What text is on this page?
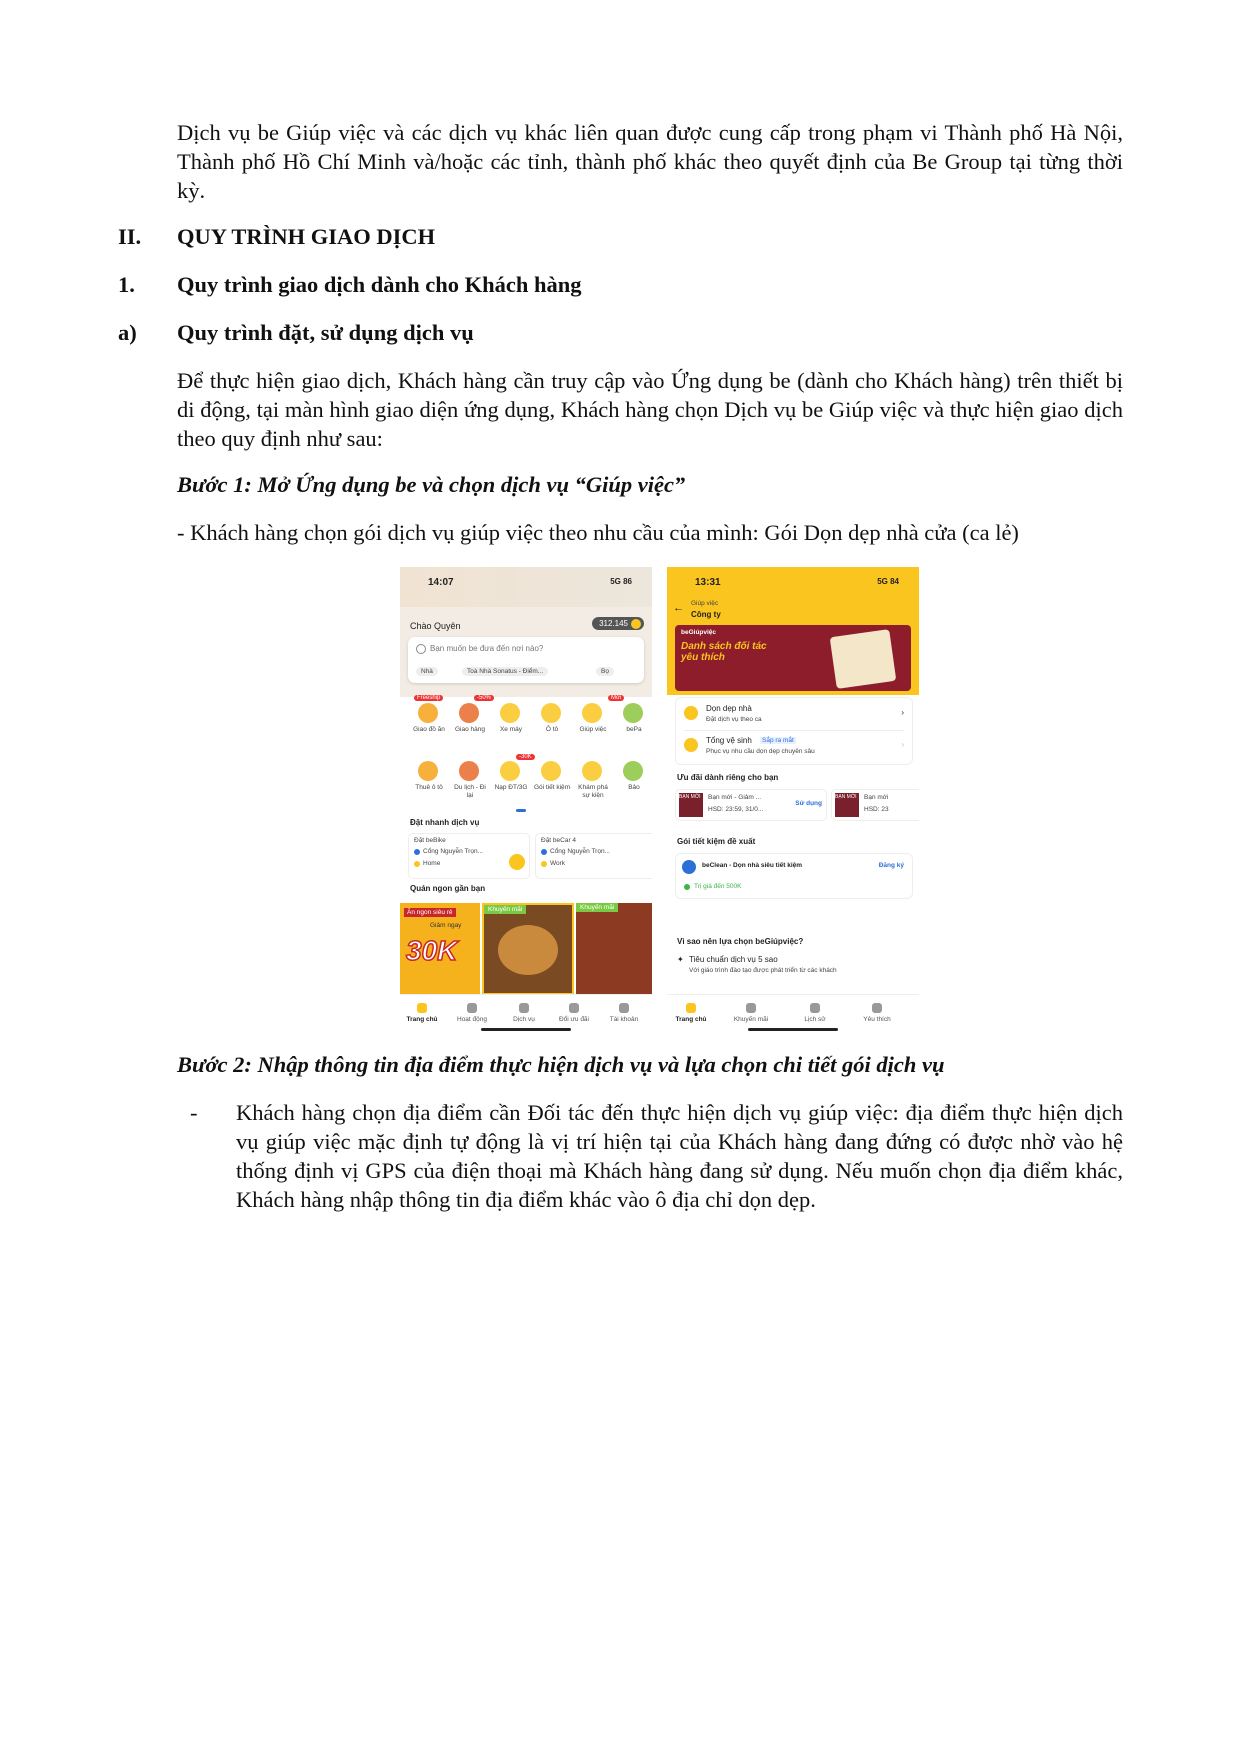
Dịch vụ be Giúp việc và các dịch vụ khác liên quan được cung cấp trong phạm vi Thành phố Hà Nội, Thành phố Hồ Chí Minh và/hoặc các tỉnh, thành phố khác theo quyết định của Be Group tại từng thời kỳ.
II. QUY TRÌNH GIAO DỊCH
1. Quy trình giao dịch dành cho Khách hàng
a) Quy trình đặt, sử dụng dịch vụ
Để thực hiện giao dịch, Khách hàng cần truy cập vào Ứng dụng be (dành cho Khách hàng) trên thiết bị di động, tại màn hình giao diện ứng dụng, Khách hàng chọn Dịch vụ be Giúp việc và thực hiện giao dịch theo quy định như sau:
Bước 1: Mở Ứng dụng be và chọn dịch vụ “Giúp việc”
- Khách hàng chọn gói dịch vụ giúp việc theo nhu cầu của mình: Gói Dọn dẹp nhà cửa (ca lẻ)
14:07	5G 86
Chào Quyên	312.145
Bạn muốn be đưa đến nơi nào?
Nhà	Toà Nhà Sonatus - Điểm...	Bọ
Freeship	-50%	Mới
-30K
Đặt nhanh dịch vụ
Đặt beBike
Cổng Nguyễn Trọn...
Home
Đặt beCar 4
Cổng Nguyễn Trọn...
Work
Quán ngon gần bạn
Ăn ngon siêu rẻ
Giảm ngay
30K
Khuyến mãi	Khuyến mãi
Trang chủ	Hoạt động	Dịch vụ	Đổi ưu đãi	Tài khoản
Giao đồ ăn	Giao hàng	Xe máy	Ô tô	Giúp việc	bePa
Thuê ô tô	Du lịch - Đi lại
Nạp ĐT/3G	Gói tiết kiệm	Khám phá sự kiện
Bảo
13:31	5G 84
← Giúp việc
Công ty
beGiúpviệc
Danh sách đối tác yêu thích
Dọn dẹp nhà
Đặt dịch vụ theo ca
›
Tổng vệ sinh	Sắp ra mắt
Phục vụ nhu cầu dọn dẹp chuyên sâu
›
Ưu đãi dành riêng cho bạn
BẠN MỚI Bạn mới - Giảm ...
HSD: 23:59, 31/0...
Sử dụng
BẠN MỚI Bạn mới
HSD: 23
Gói tiết kiệm đề xuất
beClean - Dọn nhà siêu tiết kiệm	Đăng ký
Trị giá đến 500K
Vì sao nên lựa chọn beGiúpviệc?
✦ Tiêu chuẩn dịch vụ 5 sao
Với giáo trình đào tạo được phát triển từ các khách
Trang chủ	Khuyến mãi	Lịch sử	Yêu thích
Bước 2: Nhập thông tin địa điểm thực hiện dịch vụ và lựa chọn chi tiết gói dịch vụ
- Khách hàng chọn địa điểm cần Đối tác đến thực hiện dịch vụ giúp việc: địa điểm thực hiện dịch vụ giúp việc mặc định tự động là vị trí hiện tại của Khách hàng đang đứng có được nhờ vào hệ thống định vị GPS của điện thoại mà Khách hàng đang sử dụng. Nếu muốn chọn địa điểm khác, Khách hàng nhập thông tin địa điểm khác vào ô địa chỉ dọn dẹp.
